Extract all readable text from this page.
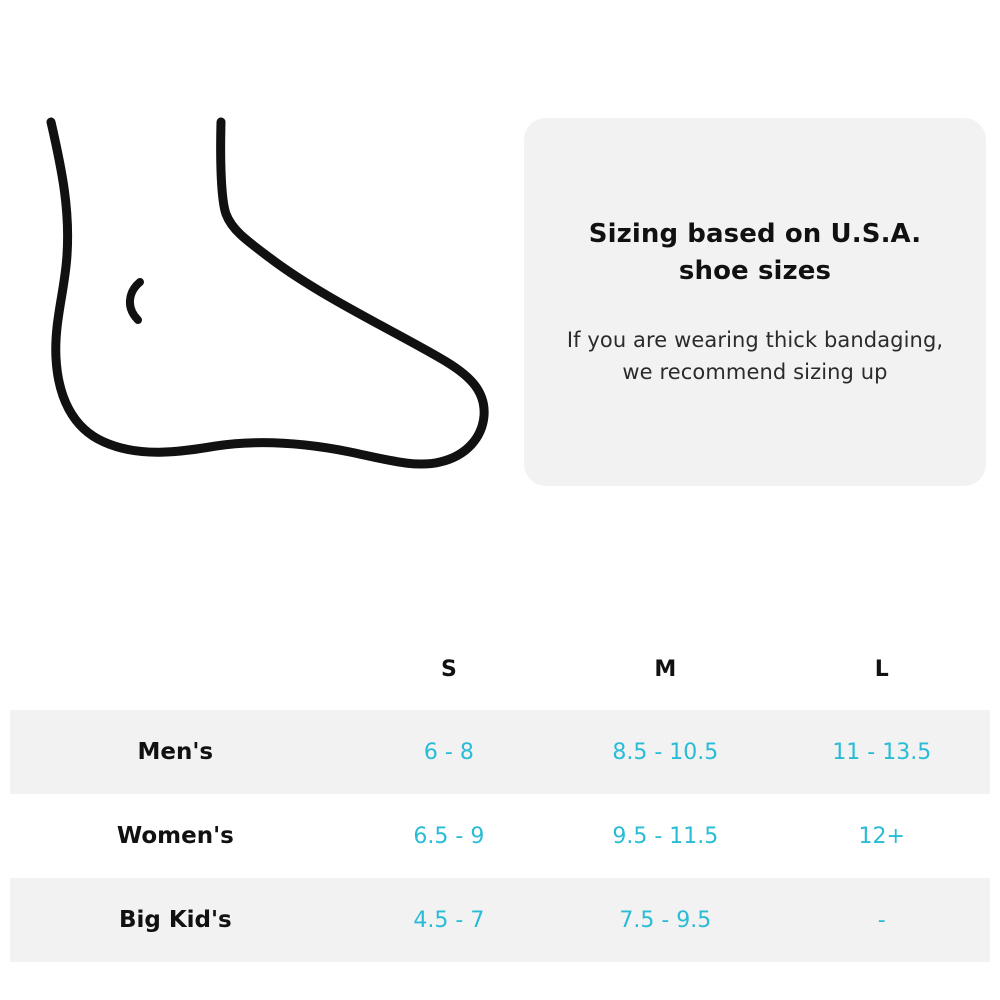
Sizing based on U.S.A. shoe sizes
If you are wearing thick bandaging, we recommend sizing up
	S	M	L
Men's	6 - 8	8.5 - 10.5	11 - 13.5
Women's	6.5 - 9	9.5 - 11.5	12+
Big Kid's	4.5 - 7	7.5 - 9.5	-
